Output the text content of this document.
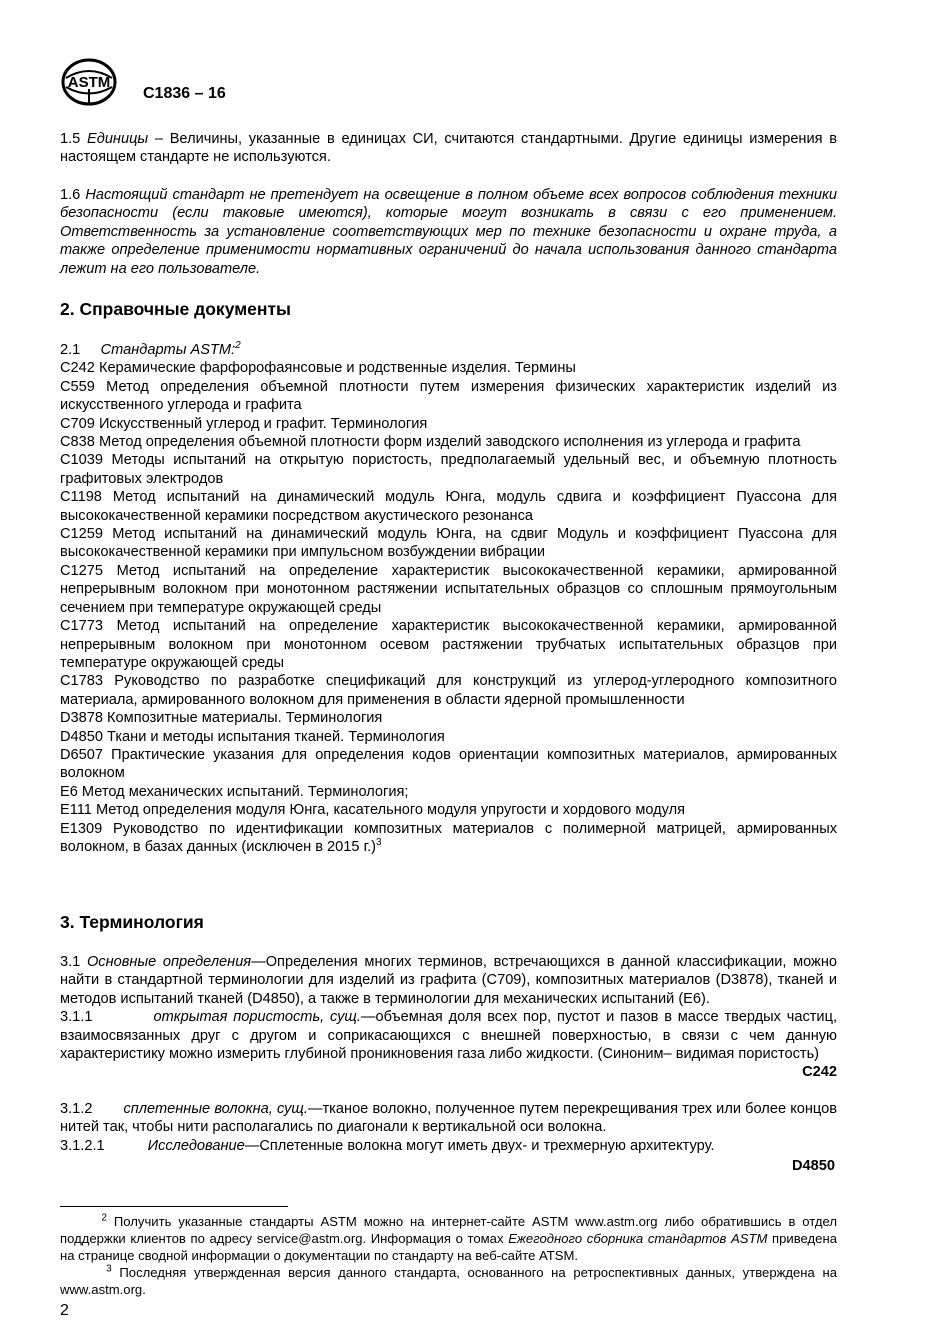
ASTM
C1836 – 16

1.5 Единицы – Величины, указанные в единицах СИ, считаются стандартными. Другие единицы измерения в настоящем стандарте не используются.

1.6 Настоящий стандарт не претендует на освещение в полном объеме всех вопросов соблюдения техники безопасности (если таковые имеются), которые могут возникать в связи с его применением. Ответственность за установление соответствующих мер по технике безопасности и охране труда, а также определение применимости нормативных ограничений до начала использования данного стандарта лежит на его пользователе.

2. Справочные документы

2.1 Стандарты ASTM:$^2$

C242 Керамические фарфорофаянсовые и родственные изделия. Термины

C559 Метод определения объемной плотности путем измерения физических характеристик изделий из искусственного углерода и графита

C709 Искусственный углерод и графит. Терминология

C838 Метод определения объемной плотности форм изделий заводского исполнения из углерода и графита

C1039 Методы испытаний на открытую пористость, предполагаемый удельный вес, и объемную плотность графитовых электродов

C1198 Метод испытаний на динамический модуль Юнга, модуль сдвига и коэффициент Пуассона для высококачественной керамики посредством акустического резонанса

C1259 Метод испытаний на динамический модуль Юнга, на сдвиг Модуль и коэффициент Пуассона для высококачественной керамики при импульсном возбуждении вибрации

C1275 Метод испытаний на определение характеристик высококачественной керамики, армированной непрерывным волокном при монотонном растяжении испытательных образцов со сплошным прямоугольным сечением при температуре окружающей среды

C1773 Метод испытаний на определение характеристик высококачественной керамики, армированной непрерывным волокном при монотонном осевом растяжении трубчатых испытательных образцов при температуре окружающей среды

C1783 Руководство по разработке спецификаций для конструкций из углерод-углеродного композитного материала, армированного волокном для применения в области ядерной промышленности

D3878 Композитные материалы. Терминология

D4850 Ткани и методы испытания тканей. Терминология

D6507 Практические указания для определения кодов ориентации композитных материалов, армированных волокном

E6 Метод механических испытаний. Терминология;

E111 Метод определения модуля Юнга, касательного модуля упругости и хордового модуля

E1309 Руководство по идентификации композитных материалов с полимерной матрицей, армированных волокном, в базах данных (исключен в 2015 г.)$^3$

3. Терминология

3.1 Основные определения—Определения многих терминов, встречающихся в данной классификации, можно найти в стандартной терминологии для изделий из графита (C709), композитных материалов (D3878), тканей и методов испытаний тканей (D4850), а также в терминологии для механических испытаний (E6).

3.1.1	открытая пористость, сущ.—объемная доля всех пор, пустот и пазов в массе твердых частиц, взаимосвязанных друг с другом и соприкасающихся с внешней поверхностью, в связи с чем данную характеристику можно измерить глубиной проникновения газа либо жидкости. (Синоним– видимая пористость)

C242

3.1.2 сплетенные волокна, сущ.—тканое волокно, полученное путем перекрещивания трех или более концов нитей так, чтобы нити располагались по диагонали к вертикальной оси волокна.

3.1.2.1	Исследование—Сплетенные волокна могут иметь двух- и трехмерную архитектуру.

D4850

$^2$ Получить указанные стандарты ASTM можно на интернет-сайте ASTM www.astm.org либо обратившись в отдел поддержки клиентов по адресу service@astm.org. Информация о томах Ежегодного сборника стандартов ASTM приведена на странице сводной информации о документации по стандарту на веб-сайте ATSM.

$^3$ Последняя утвержденная версия данного стандарта, основанного на ретроспективных данных, утверждена на www.astm.org.

2
